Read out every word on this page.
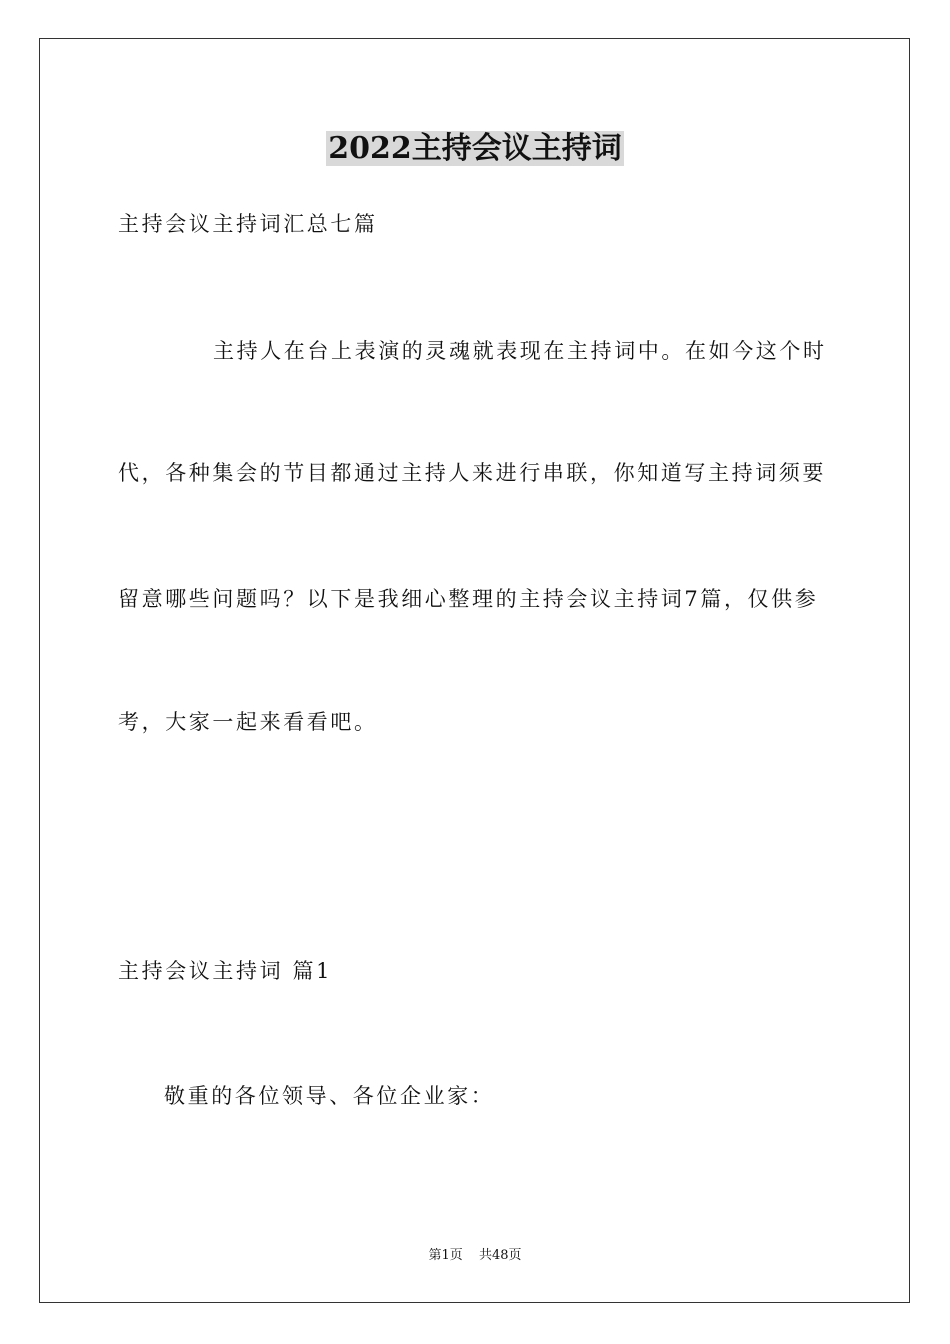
2022主持会议主持词
主持会议主持词汇总七篇
主持人在台上表演的灵魂就表现在主持词中。在如今这个时
代，各种集会的节目都通过主持人来进行串联，你知道写主持词须要
留意哪些问题吗？以下是我细心整理的主持会议主持词7篇，仅供参
考，大家一起来看看吧。
主持会议主持词 篇1
敬重的各位领导、各位企业家：
第1页 共48页
